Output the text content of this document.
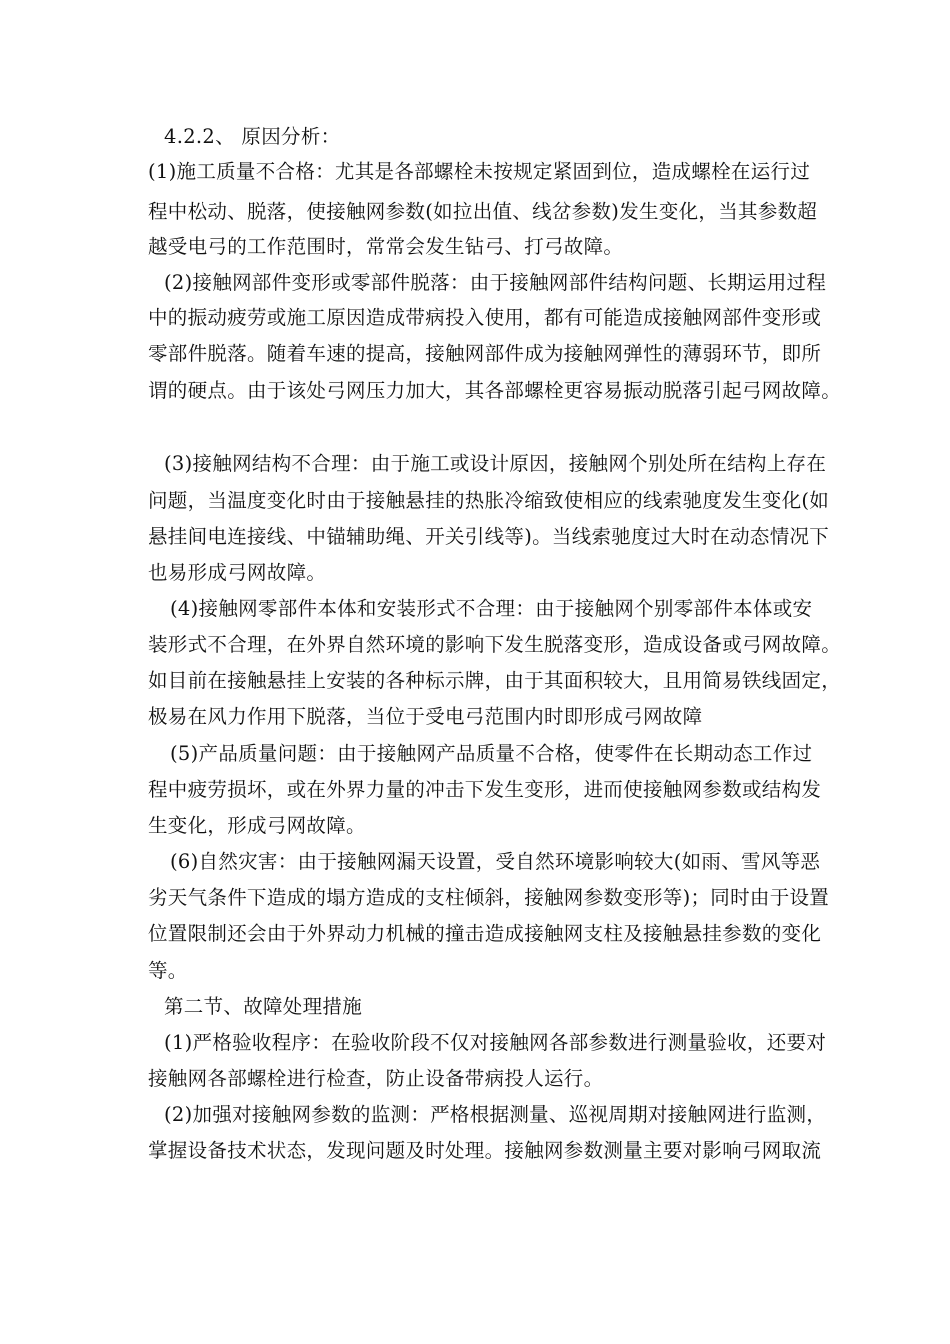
4.2.2、 原因分析：
(1)施工质量不合格：尤其是各部螺栓未按规定紧固到位，造成螺栓在运行过
程中松动、脱落，使接触网参数(如拉出值、线岔参数)发生变化，当其参数超
越受电弓的工作范围时，常常会发生钻弓、打弓故障。
(2)接触网部件变形或零部件脱落：由于接触网部件结构问题、长期运用过程
中的振动疲劳或施工原因造成带病投入使用，都有可能造成接触网部件变形或
零部件脱落。随着车速的提高，接触网部件成为接触网弹性的薄弱环节，即所
谓的硬点。由于该处弓网压力加大，其各部螺栓更容易振动脱落引起弓网故障。
(3)接触网结构不合理：由于施工或设计原因，接触网个别处所在结构上存在
问题，当温度变化时由于接触悬挂的热胀冷缩致使相应的线索驰度发生变化(如
悬挂间电连接线、中锚辅助绳、开关引线等)。当线索驰度过大时在动态情况下
也易形成弓网故障。
(4)接触网零部件本体和安装形式不合理：由于接触网个别零部件本体或安
装形式不合理，在外界自然环境的影响下发生脱落变形，造成设备或弓网故障。
如目前在接触悬挂上安装的各种标示牌，由于其面积较大，且用简易铁线固定，
极易在风力作用下脱落，当位于受电弓范围内时即形成弓网故障
(5)产品质量问题：由于接触网产品质量不合格，使零件在长期动态工作过
程中疲劳损坏，或在外界力量的冲击下发生变形，进而使接触网参数或结构发
生变化，形成弓网故障。
(6)自然灾害：由于接触网漏天设置，受自然环境影响较大(如雨、雪风等恶
劣天气条件下造成的塌方造成的支柱倾斜，接触网参数变形等)；同时由于设置
位置限制还会由于外界动力机械的撞击造成接触网支柱及接触悬挂参数的变化
等。
第二节、故障处理措施
(1)严格验收程序：在验收阶段不仅对接触网各部参数进行测量验收，还要对
接触网各部螺栓进行检查，防止设备带病投人运行。
(2)加强对接触网参数的监测：严格根据测量、巡视周期对接触网进行监测，
掌握设备技术状态，发现问题及时处理。接触网参数测量主要对影响弓网取流
